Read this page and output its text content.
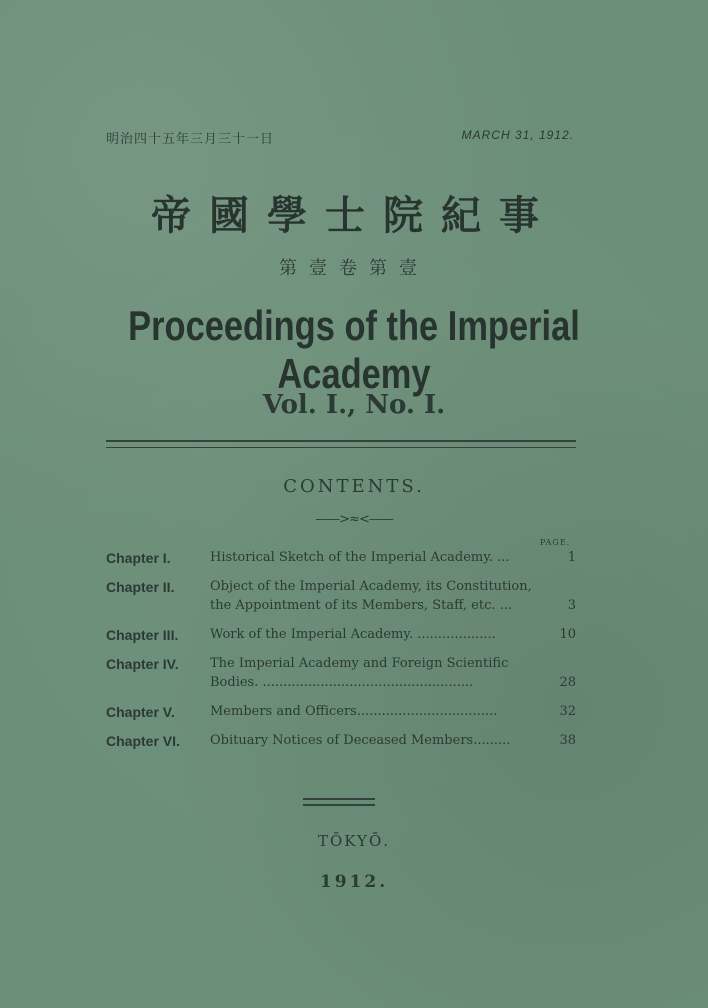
明治四十五年三月三十一日	MARCH 31, 1912.
帝國學士院紀事
第壹卷第壹
Proceedings of the Imperial Academy
Vol. I., No. I.
CONTENTS.
——>≈<——
PAGE.
Chapter I.	Historical Sketch of the Imperial Academy. ...	1
Chapter II.	Object of the Imperial Academy, its Constitution,
the Appointment of its Members, Staff, etc. ...	3
Chapter III.	Work of the Imperial Academy. ...................	10
Chapter IV.	The Imperial Academy and Foreign Scientific
Bodies. ...................................................	28
Chapter V.	Members and Officers..................................	32
Chapter VI.	Obituary Notices of Deceased Members.........	38
TŌKYŌ.
1912.
